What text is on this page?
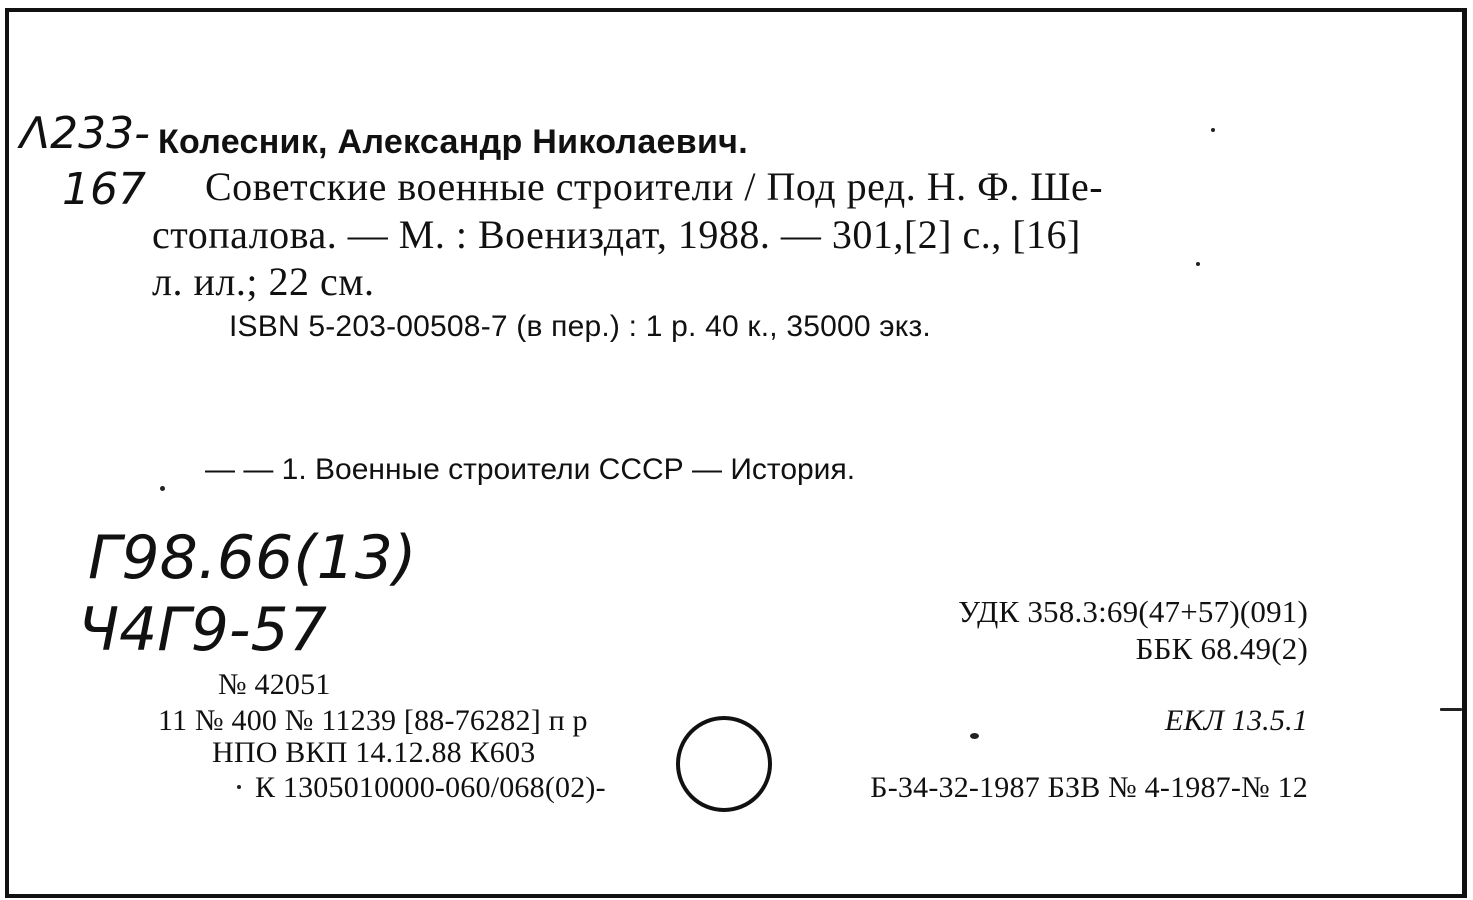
Λ233-
167
Колесник, Александр Николаевич.
Советские военные строители / Под ред. Н. Ф. Ше-
стопалова. — М. : Воениздат, 1988. — 301,[2] с., [16]
л. ил.; 22 см.
ISBN 5-203-00508-7 (в пер.) : 1 р. 40 к., 35000 экз.
— — 1. Военные строители СССР — История.
Г98.66(13)
Ч4Г9-57	УДК 358.3:69(47+57)(091)
ББК 68.49(2)
№ 42051
11 № 400 № 11239 [88-76282] п р	ЕКЛ 13.5.1
НПО ВКП 14.12.88 К603
К 1305010000-060/068(02)-	Б-34-32-1987 БЗВ № 4-1987-№ 12
